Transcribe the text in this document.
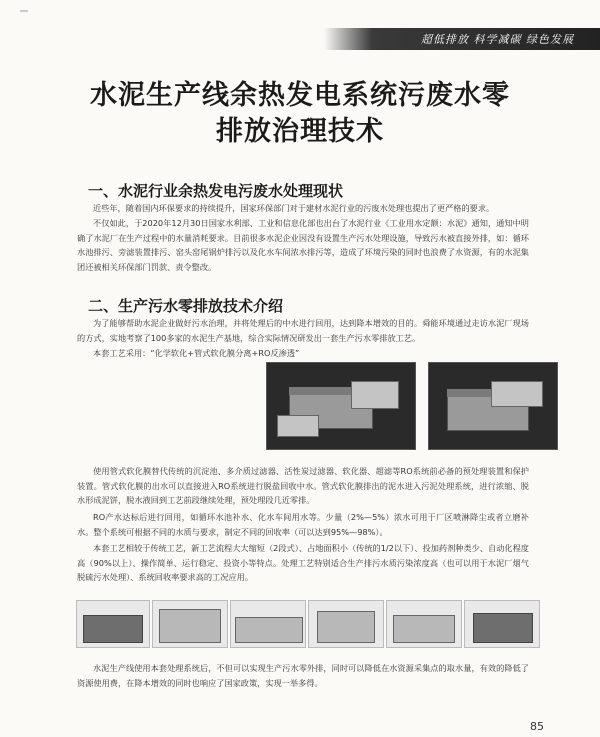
超低排放 科学减碳 绿色发展
水泥生产线余热发电系统污废水零
排放治理技术
一、水泥行业余热发电污废水处理现状

近些年，随着国内环保要求的持续提升，国家环保部门对于建材水泥行业的污废水处理也提出了更严格的要求。

不仅如此，于2020年12月30日国家水利部、工业和信息化部也出台了水泥行业《工业用水定额：水泥》通知，通知中明确了水泥厂在生产过程中的水量消耗要求。目前很多水泥企业因没有设置生产污水处理设施，导致污水被直接外排，如：循环水池排污、旁滤装置排污、窑头窑尾锅炉排污以及化水车间浓水排污等，造成了环境污染的同时也浪费了水资源，有的水泥集团还被相关环保部门罚款、责令整改。

二、生产污水零排放技术介绍

为了能够帮助水泥企业做好污水治理，并将处理后的中水进行回用，达到降本增效的目的。舜能环境通过走访水泥厂现场的方式，实地考察了100多家的水泥生产基地，综合实际情况研发出一套生产污水零排放工艺。

本套工艺采用：“化学软化+管式软化膜分离+RO反渗透”

使用管式软化膜替代传统的沉淀池、多介质过滤器、活性炭过滤器、软化器、超滤等RO系统前必备的预处理装置和保护装置。管式软化膜的出水可以直接进入RO系统进行脱盐回收中水。管式软化膜排出的泥水进入污泥处理系统，进行浓缩、脱水形成泥饼，脱水液回到工艺前段继续处理，预处理段几近零排。

RO产水达标后进行回用，如循环水池补水、化水车间用水等。少量（2%—5%）浓水可用于厂区喷淋降尘或者立磨补水。整个系统可根据不同的水质与要求，制定不同的回收率（可以达到95%—98%）。

本套工艺相较于传统工艺，新工艺流程大大缩短（2段式）、占地面积小（传统的1/2以下）、投加药剂种类少、自动化程度高（90%以上）、操作简单、运行稳定、投资小等特点。处理工艺特别适合生产排污水质污染浓度高（也可以用于水泥厂烟气脱硫污水处理）、系统回收率要求高的工况应用。

水泥生产线使用本套处理系统后，不但可以实现生产污水零外排，同时可以降低在水资源采集点的取水量，有效的降低了资源使用费，在降本增效的同时也响应了国家政策，实现一举多得。

85
